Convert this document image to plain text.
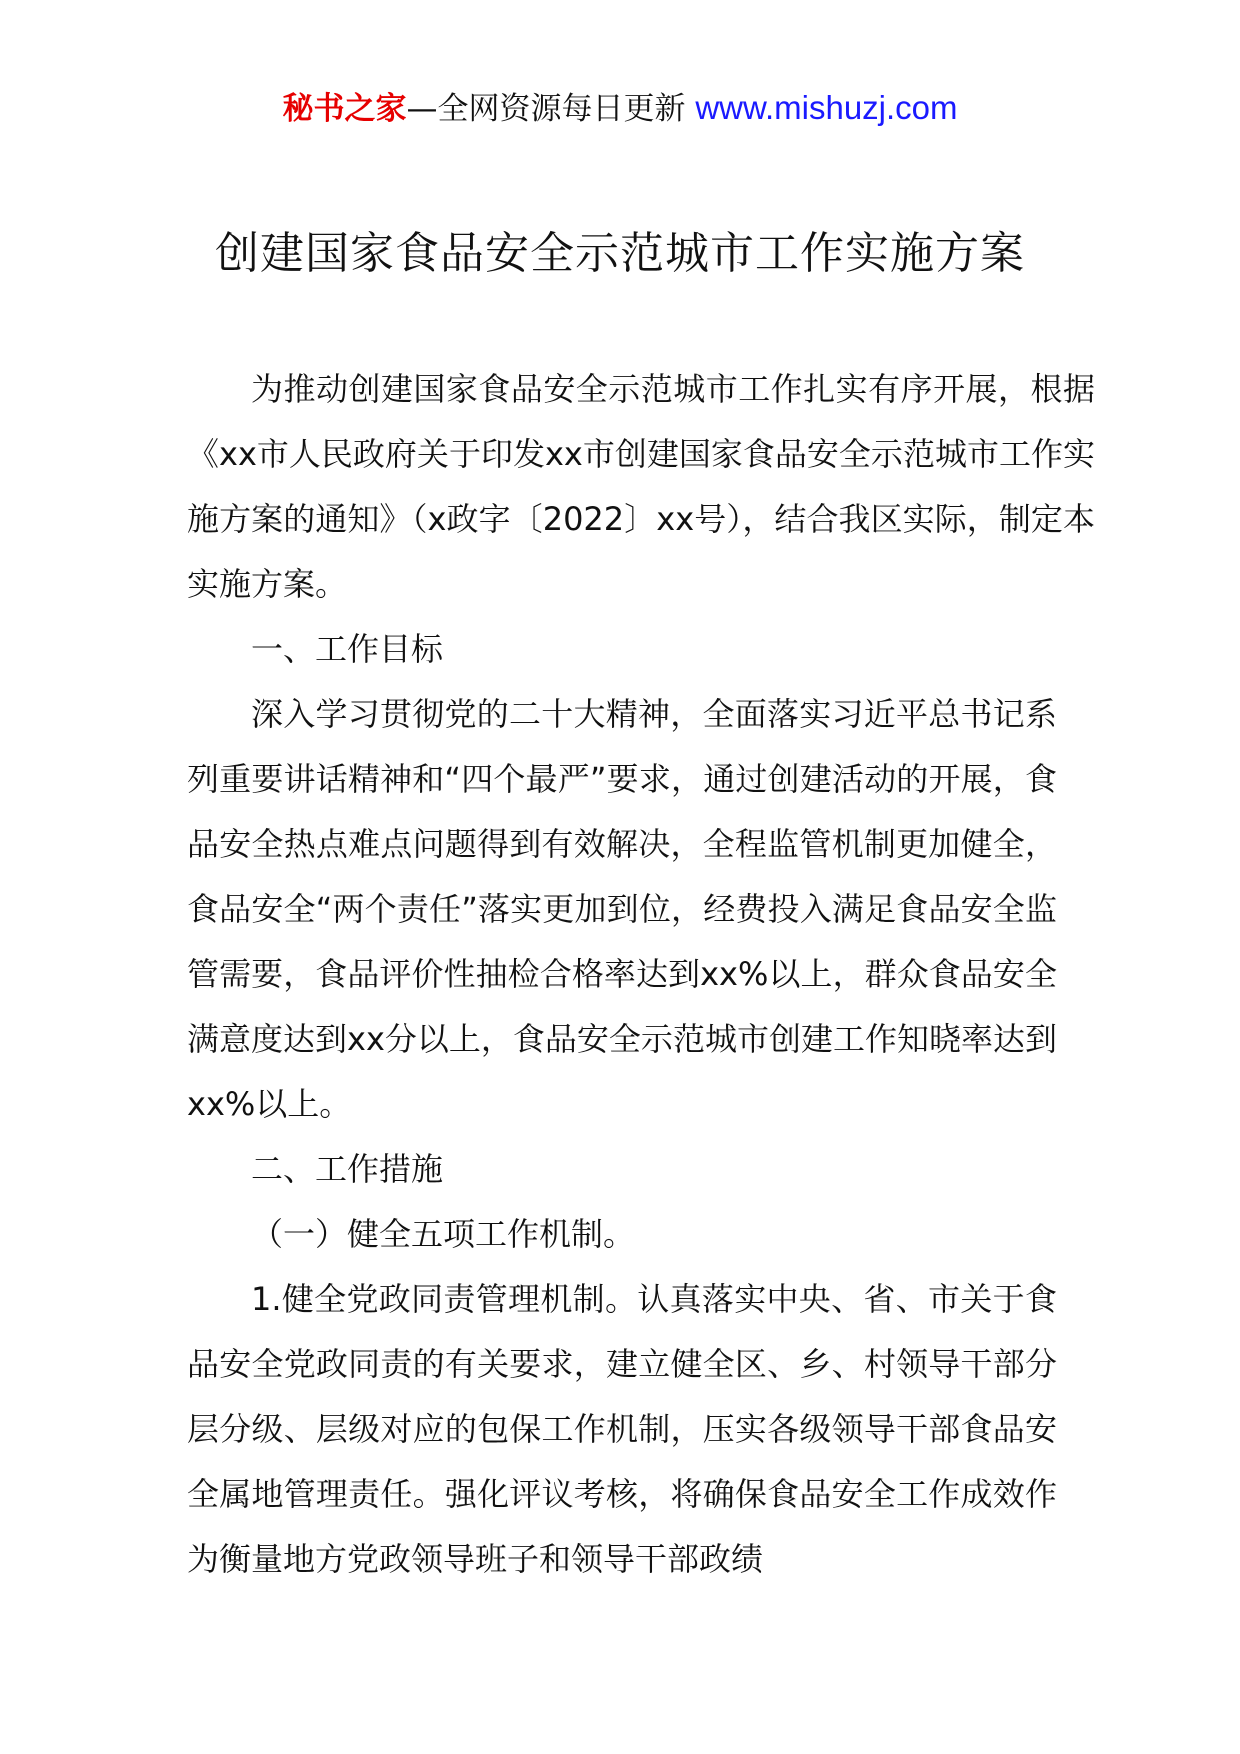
秘书之家—全网资源每日更新 www.mishuzj.com
创建国家食品安全示范城市工作实施方案

为推动创建国家食品安全示范城市工作扎实有序开展，根据《xx市人民政府关于印发xx市创建国家食品安全示范城市工作实施方案的通知》（x政字〔2022〕xx号），结合我区实际，制定本实施方案。

一、工作目标

深入学习贯彻党的二十大精神，全面落实习近平总书记系列重要讲话精神和“四个最严”要求，通过创建活动的开展，食品安全热点难点问题得到有效解决，全程监管机制更加健全，食品安全“两个责任”落实更加到位，经费投入满足食品安全监管需要，食品评价性抽检合格率达到xx%以上，群众食品安全满意度达到xx分以上，食品安全示范城市创建工作知晓率达到xx%以上。

二、工作措施

（一）健全五项工作机制。

1.健全党政同责管理机制。认真落实中央、省、市关于食品安全党政同责的有关要求，建立健全区、乡、村领导干部分层分级、层级对应的包保工作机制，压实各级领导干部食品安全属地管理责任。强化评议考核，将确保食品安全工作成效作为衡量地方党政领导班子和领导干部政绩
